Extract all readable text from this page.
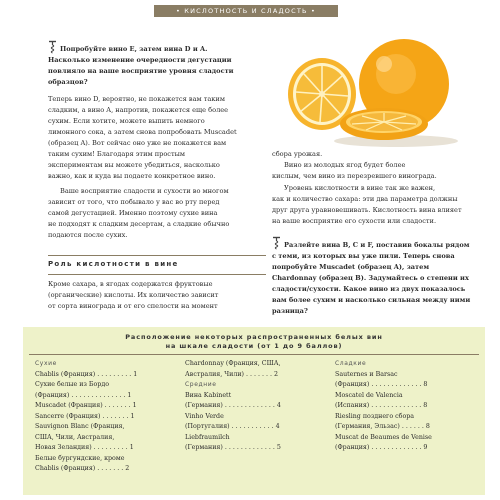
• КИСЛОТНОСТЬ И СЛАДОСТЬ •
Попробуйте вино E, затем вина D и A.
Насколько изменение очередности дегустации
повлияло на ваше восприятие уровня сладости
образцов?
Теперь вино D, вероятно, не покажется вам таким
сладким, а вино A, напротив, покажется еще более
сухим. Если хотите, можете выпить немного
лимонного сока, а затем снова попробовать Muscadet
(образец A). Вот сейчас оно уже не покажется вам
таким сухим! Благодаря этим простым
экспериментам вы можете убедиться, насколько
важно, как и куда вы подаете конкретное вино.
Ваше восприятие сладости и сухости во многом
зависит от того, что побывало у вас во рту перед
самой дегустацией. Именно поэтому сухие вина
не подходят к сладким десертам, а сладкие обычно
подаются после сухих.
Роль кислотности в вине
Кроме сахара, в ягодах содержатся фруктовые
(органические) кислоты. Их количество зависит
от сорта винограда и от его спелости на момент
сбора урожая.
Вино из молодых ягод будет более
кислым, чем вино из перезревшего винограда.
Уровень кислотности в вине так же важен,
как и количество сахара: эти два параметра должны
друг друга уравновешивать. Кислотность вина влияет
на ваше восприятие его сухости или сладости.
Разлейте вина B, C и F, поставив бокалы рядом
с теми, из которых вы уже пили. Теперь снова
попробуйте Muscadet (образец A), затем
Chardonnay (образец B). Задумайтесь о степени их
сладости/сухости. Какое вино из двух показалось
вам более сухим и насколько сильная между ними
разница?
Расположение некоторых распространенных белых вин
на шкале сладости (от 1 до 9 баллов)
Сухие
Chablis (Франция) . . . . . . . . . 1
Сухие белые из Бордо
(Франция) . . . . . . . . . . . . . . 1
Muscadet (Франция) . . . . . . . 1
Sancerre (Франция) . . . . . . . 1
Sauvignon Blanc (Франция,
США, Чили, Австралия,
Новая Зеландия) . . . . . . . . . 1
Белые бургундские, кроме
Chablis (Франция) . . . . . . . 2
Chardonnay (Франция, США,
Австралия, Чили) . . . . . . . 2
Средние
Bина Kabinett
(Германия) . . . . . . . . . . . . . 4
Vinho Verde
(Португалия) . . . . . . . . . . . 4
Liebfraumilch
(Германия) . . . . . . . . . . . . . 5
Сладкие
Sauternes и Barsac
(Франция) . . . . . . . . . . . . . 8
Moscatel de Valencia
(Испания) . . . . . . . . . . . . . 8
Riesling позднего сбора
(Германия, Эльзас) . . . . . . 8
Muscat de Beaumes de Venise
(Франция) . . . . . . . . . . . . . 9
